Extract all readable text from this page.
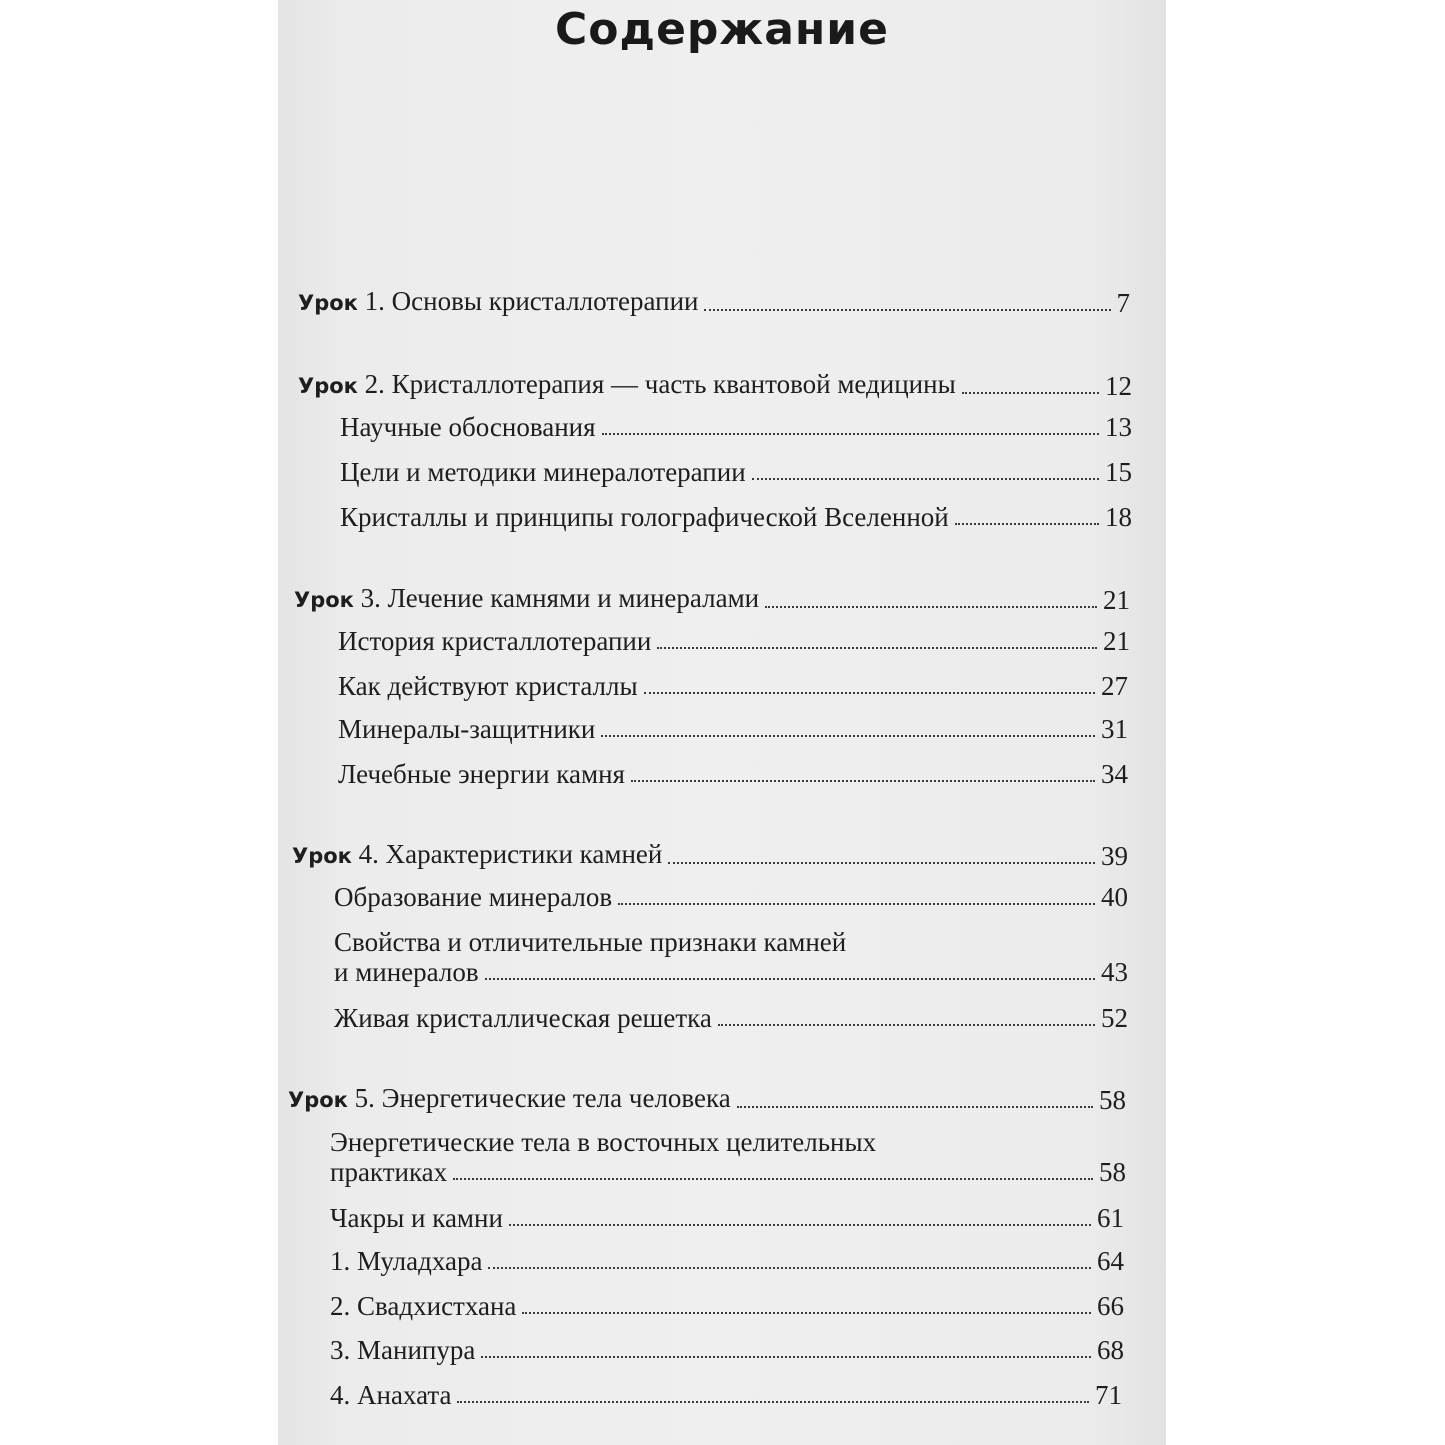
Содержание
Урок 1. Основы кристаллотерапии	7
Урок 2. Кристаллотерапия — часть квантовой медицины	12
Научные обоснования	13
Цели и методики минералотерапии	15
Кристаллы и принципы голографической Вселенной	18
Урок 3. Лечение камнями и минералами	21
История кристаллотерапии	21
Как действуют кристаллы	27
Минералы-защитники	31
Лечебные энергии камня	34
Урок 4. Характеристики камней	39
Образование минералов	40
Свойства и отличительные признаки камней
и минералов	43
Живая кристаллическая решетка	52
Урок 5. Энергетические тела человека	58
Энергетические тела в восточных целительных
практиках	58
Чакры и камни	61
1. Муладхара	64
2. Свадхистхана	66
3. Манипура	68
4. Анахата	71
